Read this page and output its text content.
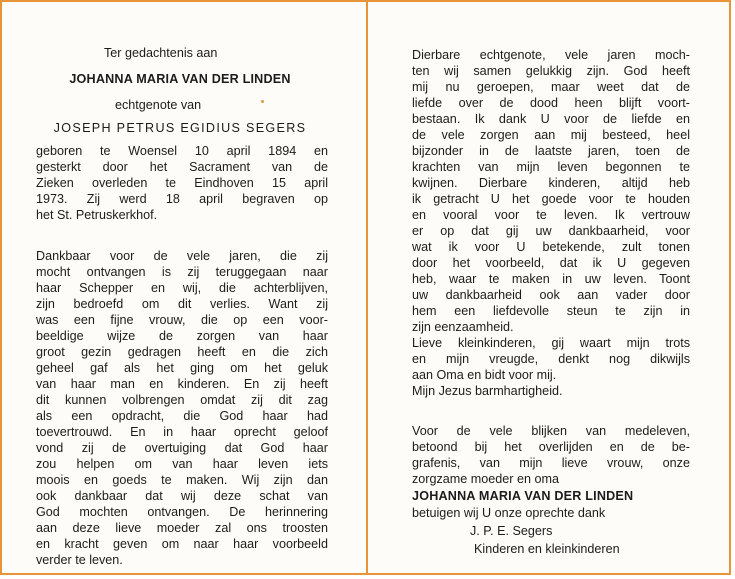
Ter gedachtenis aan
JOHANNA MARIA VAN DER LINDEN
echtgenote van
JOSEPH PETRUS EGIDIUS SEGERS
geboren te Woensel 10 april 1894 en
gesterkt door het Sacrament van de
Zieken overleden te Eindhoven 15 april
1973. Zij werd 18 april begraven op
het St. Petruskerkhof.
Dankbaar voor de vele jaren, die zij
mocht ontvangen is zij teruggegaan naar
haar Schepper en wij, die achterblijven,
zijn bedroefd om dit verlies. Want zij
was een fijne vrouw, die op een voor-
beeldige wijze de zorgen van haar
groot gezin gedragen heeft en die zich
geheel gaf als het ging om het geluk
van haar man en kinderen. En zij heeft
dit kunnen volbrengen omdat zij dit zag
als een opdracht, die God haar had
toevertrouwd. En in haar oprecht geloof
vond zij de overtuiging dat God haar
zou helpen om van haar leven iets
moois en goeds te maken. Wij zijn dan
ook dankbaar dat wij deze schat van
God mochten ontvangen. De herinnering
aan deze lieve moeder zal ons troosten
en kracht geven om naar haar voorbeeld
verder te leven.
Dierbare echtgenote, vele jaren moch-
ten wij samen gelukkig zijn. God heeft
mij nu geroepen, maar weet dat de
liefde over de dood heen blijft voort-
bestaan. Ik dank U voor de liefde en
de vele zorgen aan mij besteed, heel
bijzonder in de laatste jaren, toen de
krachten van mijn leven begonnen te
kwijnen. Dierbare kinderen, altijd heb
ik getracht U het goede voor te houden
en vooral voor te leven. Ik vertrouw
er op dat gij uw dankbaarheid, voor
wat ik voor U betekende, zult tonen
door het voorbeeld, dat ik U gegeven
heb, waar te maken in uw leven. Toont
uw dankbaarheid ook aan vader door
hem een liefdevolle steun te zijn in
zijn eenzaamheid.
Lieve kleinkinderen, gij waart mijn trots
en mijn vreugde, denkt nog dikwijls
aan Oma en bidt voor mij.
Mijn Jezus barmhartigheid.
Voor de vele blijken van medeleven,
betoond bij het overlijden en de be-
grafenis, van mijn lieve vrouw, onze
zorgzame moeder en oma
JOHANNA MARIA VAN DER LINDEN
betuigen wij U onze oprechte dank
J. P. E. Segers
Kinderen en kleinkinderen
